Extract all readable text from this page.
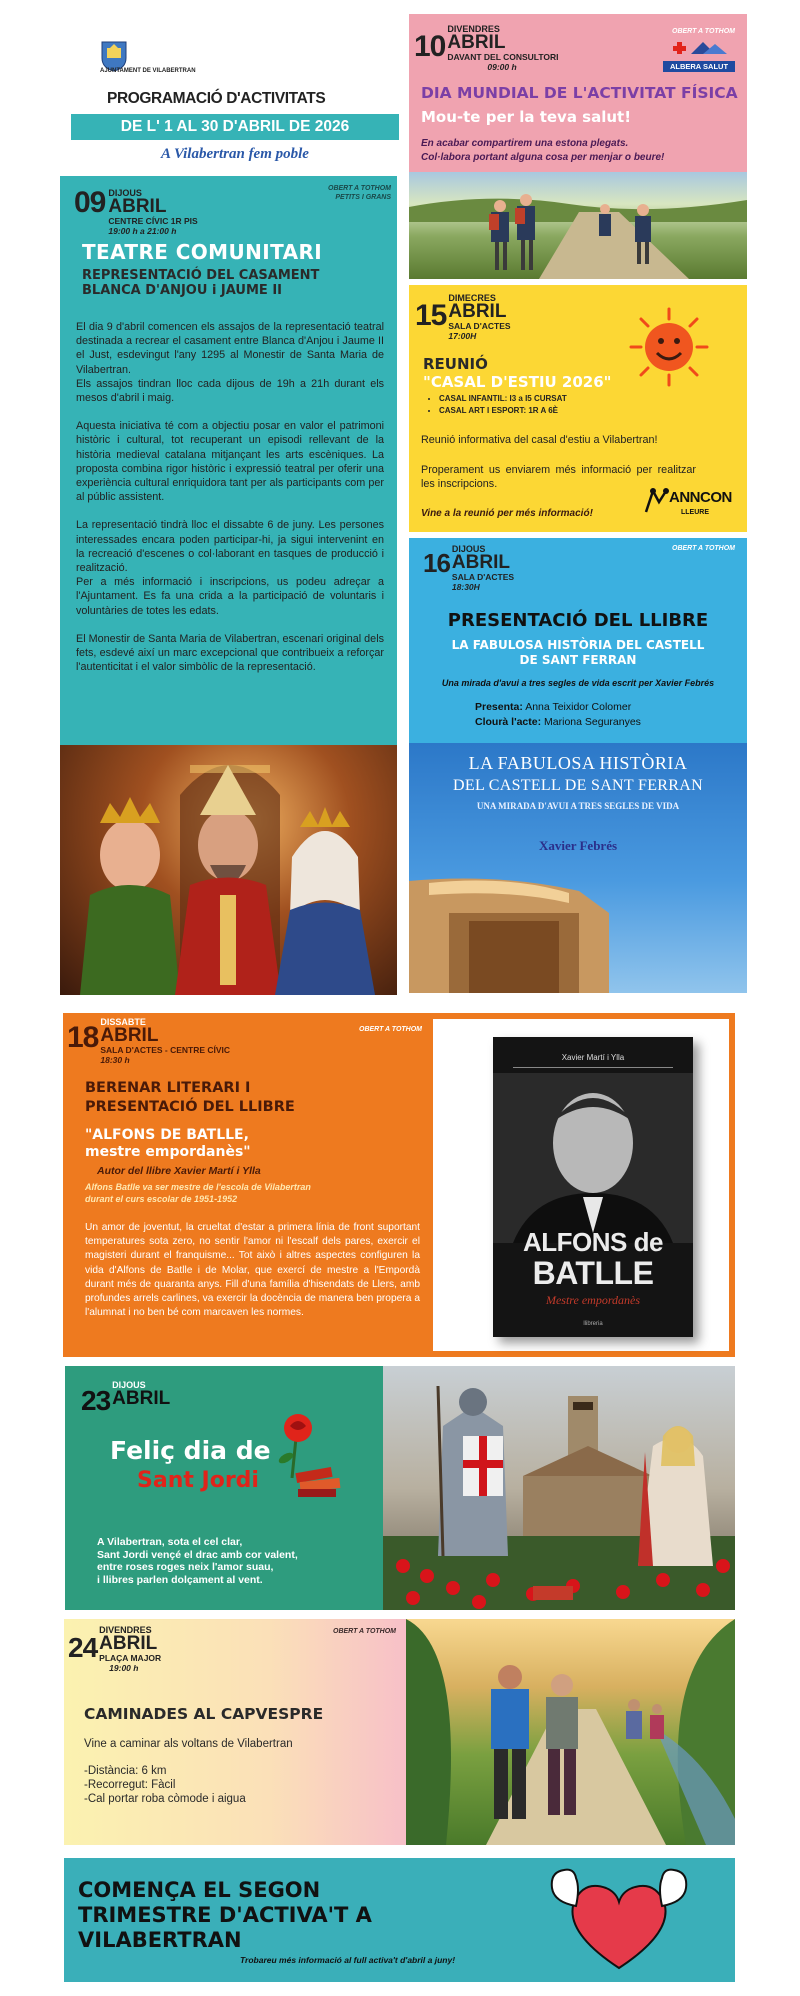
AJUNTAMENT DE VILABERTRAN
PROGRAMACIÓ D'ACTIVITATS
DE L' 1 AL 30 D'ABRIL DE 2026
A Vilabertran fem poble
09 DIJOUS
ABRIL
CENTRE CÍVIC 1R PIS
19:00 h a 21:00 h
OBERT A TOTHOM
PETITS I GRANS
TEATRE COMUNITARI
REPRESENTACIÓ DEL CASAMENT
BLANCA D'ANJOU i JAUME II

El dia 9 d'abril comencen els assajos de la representació teatral destinada a recrear el casament entre Blanca d'Anjou i Jaume II el Just, esdevingut l'any 1295 al Monestir de Santa Maria de Vilabertran.

Els assajos tindran lloc cada dijous de 19h a 21h durant els mesos d'abril i maig.

Aquesta iniciativa té com a objectiu posar en valor el patrimoni històric i cultural, tot recuperant un episodi rellevant de la història medieval catalana mitjançant les arts escèniques. La proposta combina rigor històric i expressió teatral per oferir una experiència cultural enriquidora tant per als participants com per al públic assistent.

La representació tindrà lloc el dissabte 6 de juny. Les persones interessades encara poden participar-hi, ja sigui intervenint en la recreació d'escenes o col·laborant en tasques de producció i realització.

Per a més informació i inscripcions, us podeu adreçar a l'Ajuntament. Es fa una crida a la participació de voluntaris i voluntàries de totes les edats.

El Monestir de Santa Maria de Vilabertran, escenari original dels fets, esdevé així un marc excepcional que contribueix a reforçar l'autenticitat i el valor simbòlic de la representació.

10
DIVENDRES
ABRIL
DAVANT DEL CONSULTORI
09:00 h
OBERT A TOTHOM
ALBERA SALUT
DIA MUNDIAL DE L'ACTIVITAT FÍSICA
Mou-te per la teva salut!
En acabar compartirem una estona plegats.
Col·labora portant alguna cosa per menjar o beure!
15
DIMECRES
ABRIL
SALA D'ACTES
17:00H
REUNIÓ
"CASAL D'ESTIU 2026"
• CASAL INFANTIL: I3 a I5 CURSAT
• CASAL ART I ESPORT: 1R A 6È
Reunió informativa del casal d'estiu a Vilabertran!
Properament us enviarem més informació per realitzar les inscripcions.
Vine a la reunió per més informació!
ANNCON
LLEURE
16 DIJOUS
ABRIL
SALA D'ACTES
18:30H
OBERT A TOTHOM
PRESENTACIÓ DEL LLIBRE
LA FABULOSA HISTÒRIA DEL CASTELL
DE SANT FERRAN
Una mirada d'avui a tres segles de vida escrit per Xavier Febrés
Presenta: Anna Teixidor Colomer
Clourà l'acte: Mariona Seguranyes
LA FABULOSA HISTÒRIA
DEL CASTELL DE SANT FERRAN
UNA MIRADA D'AVUI A TRES SEGLES DE VIDA
Xavier Febrés
18 DISSABTE
ABRIL
SALA D'ACTES - CENTRE CÍVIC
18:30 h
OBERT A TOTHOM
BERENAR LITERARI I
PRESENTACIÓ DEL LLIBRE
"ALFONS DE BATLLE,
mestre empordanès"
Autor del llibre Xavier Martí i Ylla
Alfons Batlle va ser mestre de l'escola de Vilabertran
durant el curs escolar de 1951-1952
Un amor de joventut, la crueltat d'estar a primera línia de front suportant temperatures sota zero, no sentir l'amor ni l'escalf dels pares, exercir el magisteri durant el franquisme... Tot això i altres aspectes configuren la vida d'Alfons de Batlle i de Molar, que exercí de mestre a l'Empordà durant més de quaranta anys. Fill d'una família d'hisendats de Llers, amb profundes arrels carlines, va exercir la docència de manera ben propera a l'alumnat i no ben bé com marcaven les normes.
Xavier Martí i Ylla
ALFONS de
BATLLE
Mestre empordanès
llibreria
23 DIJOUS
ABRIL
Feliç dia de
Sant Jordi
A Vilabertran, sota el cel clar,
Sant Jordi vençé el drac amb cor valent,
entre roses roges neix l'amor suau,
i llibres parlen dolçament al vent.
24
DIVENDRES
ABRIL
PLAÇA MAJOR
19:00 h
OBERT A TOTHOM
CAMINADES AL CAPVESPRE
Vine a caminar als voltans de Vilabertran
-Distància: 6 km
-Recorregut: Fàcil
-Cal portar roba còmode i aigua
COMENÇA EL SEGON
TRIMESTRE D'ACTIVA'T A
VILABERTRAN
Trobareu més informació al full activa't d'abril a juny!
